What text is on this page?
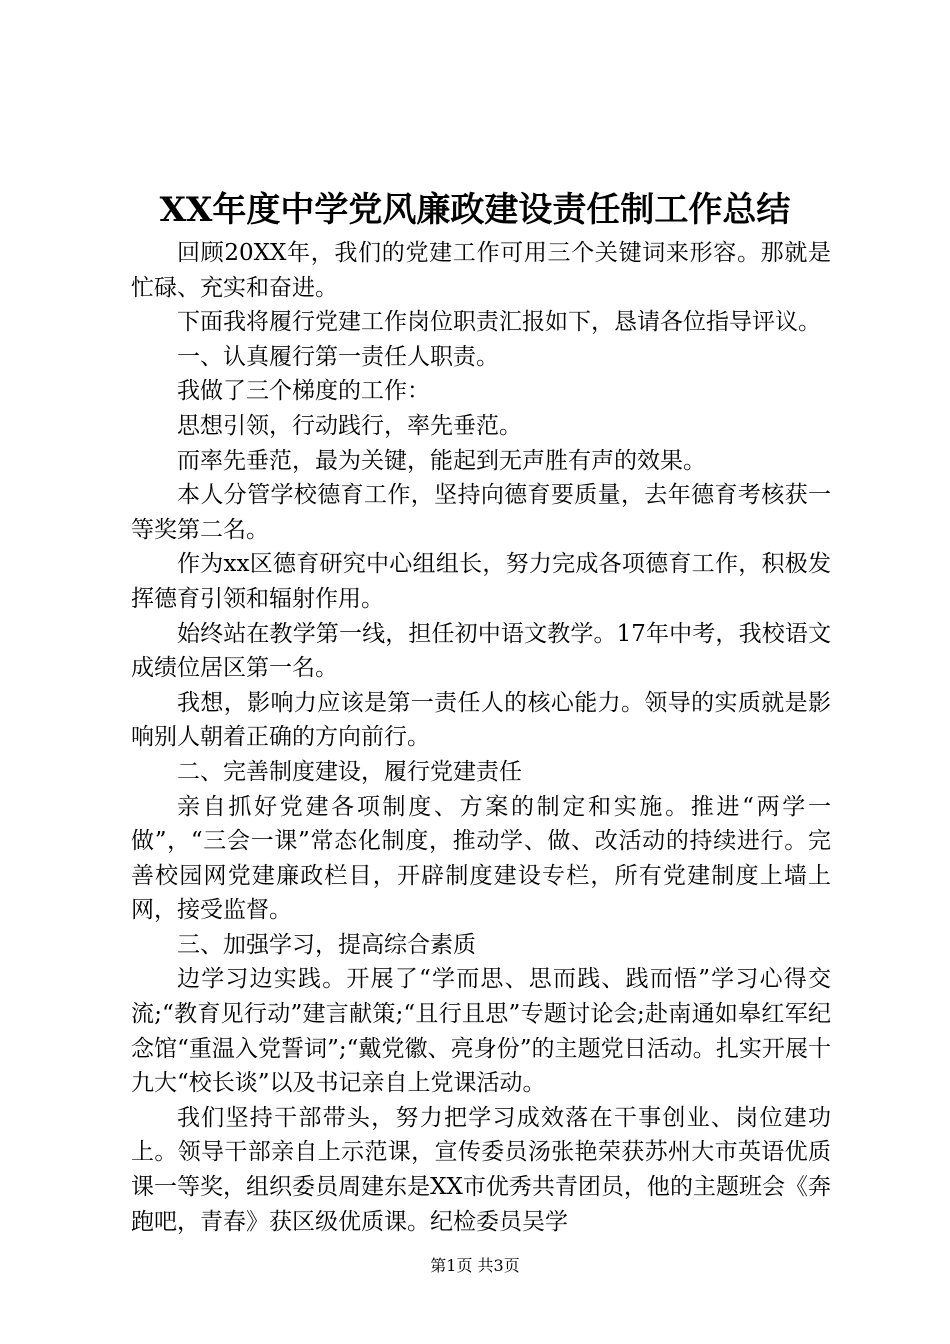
XX年度中学党风廉政建设责任制工作总结

回顾20XX年，我们的党建工作可用三个关键词来形容。那就是忙碌、充实和奋进。

下面我将履行党建工作岗位职责汇报如下，恳请各位指导评议。

一、认真履行第一责任人职责。

我做了三个梯度的工作：

思想引领，行动践行，率先垂范。

而率先垂范，最为关键，能起到无声胜有声的效果。

本人分管学校德育工作，坚持向德育要质量，去年德育考核获一等奖第二名。

作为xx区德育研究中心组组长，努力完成各项德育工作，积极发挥德育引领和辐射作用。

始终站在教学第一线，担任初中语文教学。17年中考，我校语文成绩位居区第一名。

我想，影响力应该是第一责任人的核心能力。领导的实质就是影响别人朝着正确的方向前行。

二、完善制度建设，履行党建责任

亲自抓好党建各项制度、方案的制定和实施。推进“两学一做”，“三会一课”常态化制度，推动学、做、改活动的持续进行。完善校园网党建廉政栏目，开辟制度建设专栏，所有党建制度上墙上网，接受监督。

三、加强学习，提高综合素质

边学习边实践。开展了“学而思、思而践、践而悟”学习心得交流;“教育见行动”建言献策;“且行且思”专题讨论会;赴南通如皋红军纪念馆“重温入党誓词”;“戴党徽、亮身份”的主题党日活动。扎实开展十九大“校长谈”以及书记亲自上党课活动。

我们坚持干部带头，努力把学习成效落在干事创业、岗位建功上。领导干部亲自上示范课，宣传委员汤张艳荣获苏州大市英语优质课一等奖，组织委员周建东是XX市优秀共青团员，他的主题班会《奔跑吧，青春》获区级优质课。纪检委员吴学

第1页 共3页
